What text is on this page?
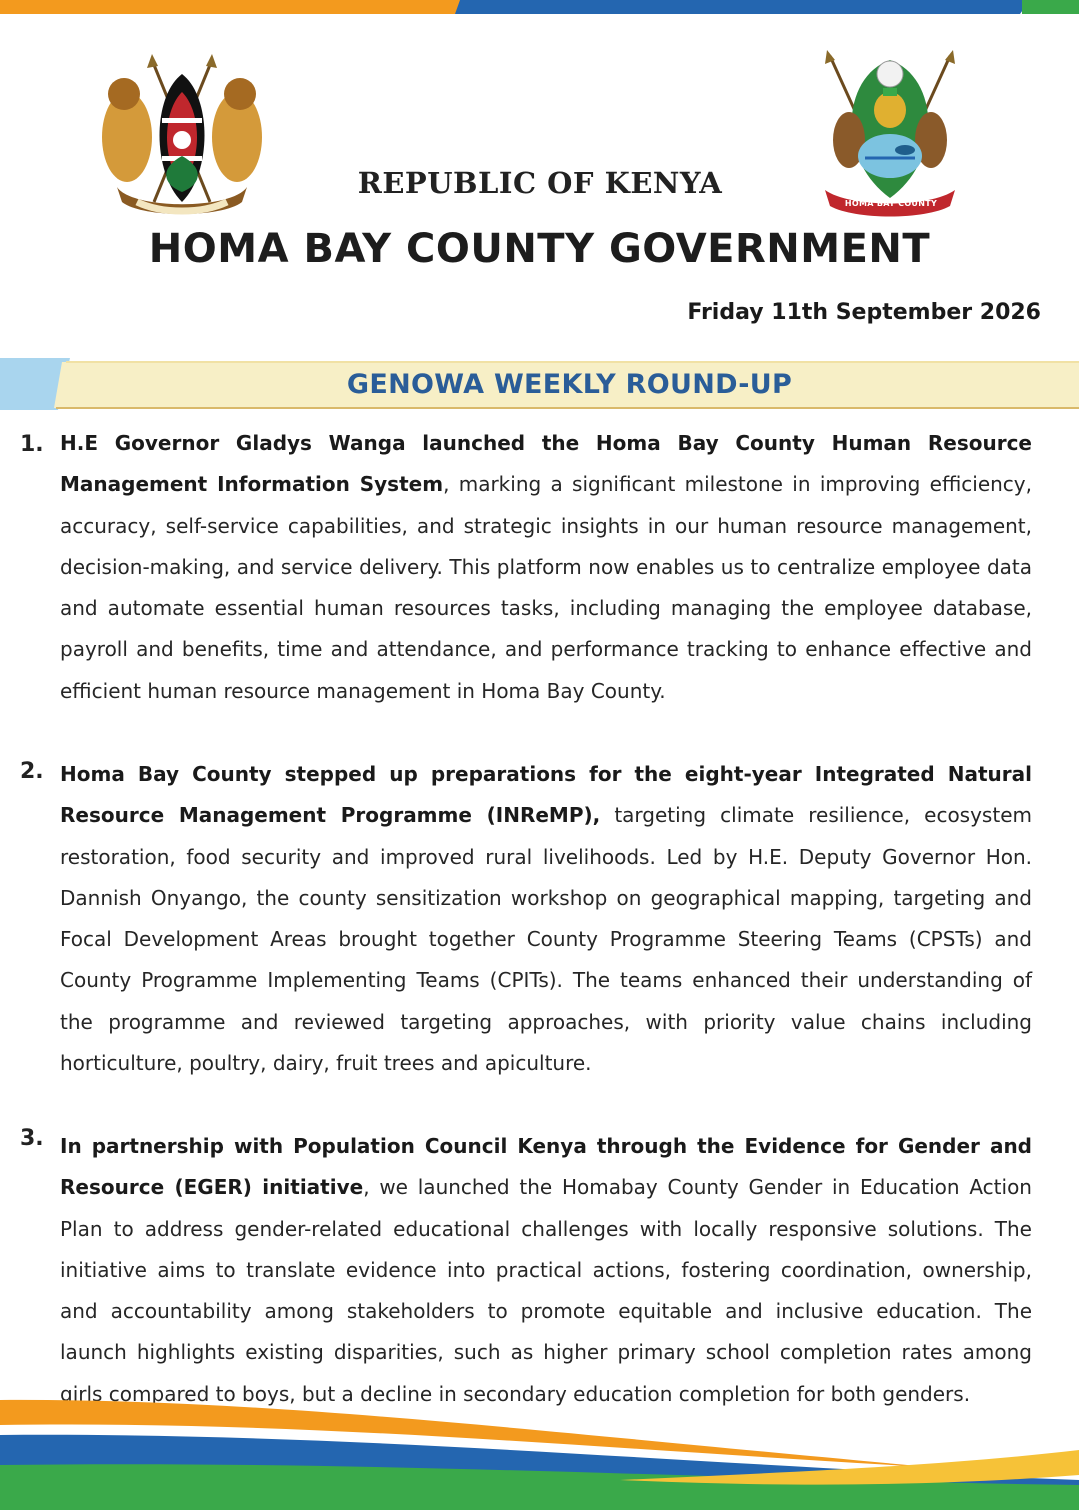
HOMA BAY COUNTY
REPUBLIC OF KENYA
HOMA BAY COUNTY GOVERNMENT
Friday 11th September 2026
GENOWA WEEKLY ROUND-UP
1. H.E Governor Gladys Wanga launched the Homa Bay County Human Resource Management Information System, marking a significant milestone in improving efficiency, accuracy, self-service capabilities, and strategic insights in our human resource management, decision-making, and service delivery. This platform now enables us to centralize employee data and automate essential human resources tasks, including managing the employee database, payroll and benefits, time and attendance, and performance tracking to enhance effective and efficient human resource management in Homa Bay County.
2. Homa Bay County stepped up preparations for the eight-year Integrated Natural Resource Management Programme (INReMP), targeting climate resilience, ecosystem restoration, food security and improved rural livelihoods. Led by H.E. Deputy Governor Hon. Dannish Onyango, the county sensitization workshop on geographical mapping, targeting and Focal Development Areas brought together County Programme Steering Teams (CPSTs) and County Programme Implementing Teams (CPITs). The teams enhanced their understanding of the programme and reviewed targeting approaches, with priority value chains including horticulture, poultry, dairy, fruit trees and apiculture.
3. In partnership with Population Council Kenya through the Evidence for Gender and Resource (EGER) initiative, we launched the Homabay County Gender in Education Action Plan to address gender-related educational challenges with locally responsive solutions. The initiative aims to translate evidence into practical actions, fostering coordination, ownership, and accountability among stakeholders to promote equitable and inclusive education. The launch highlights existing disparities, such as higher primary school completion rates among girls compared to boys, but a decline in secondary education completion for both genders.
